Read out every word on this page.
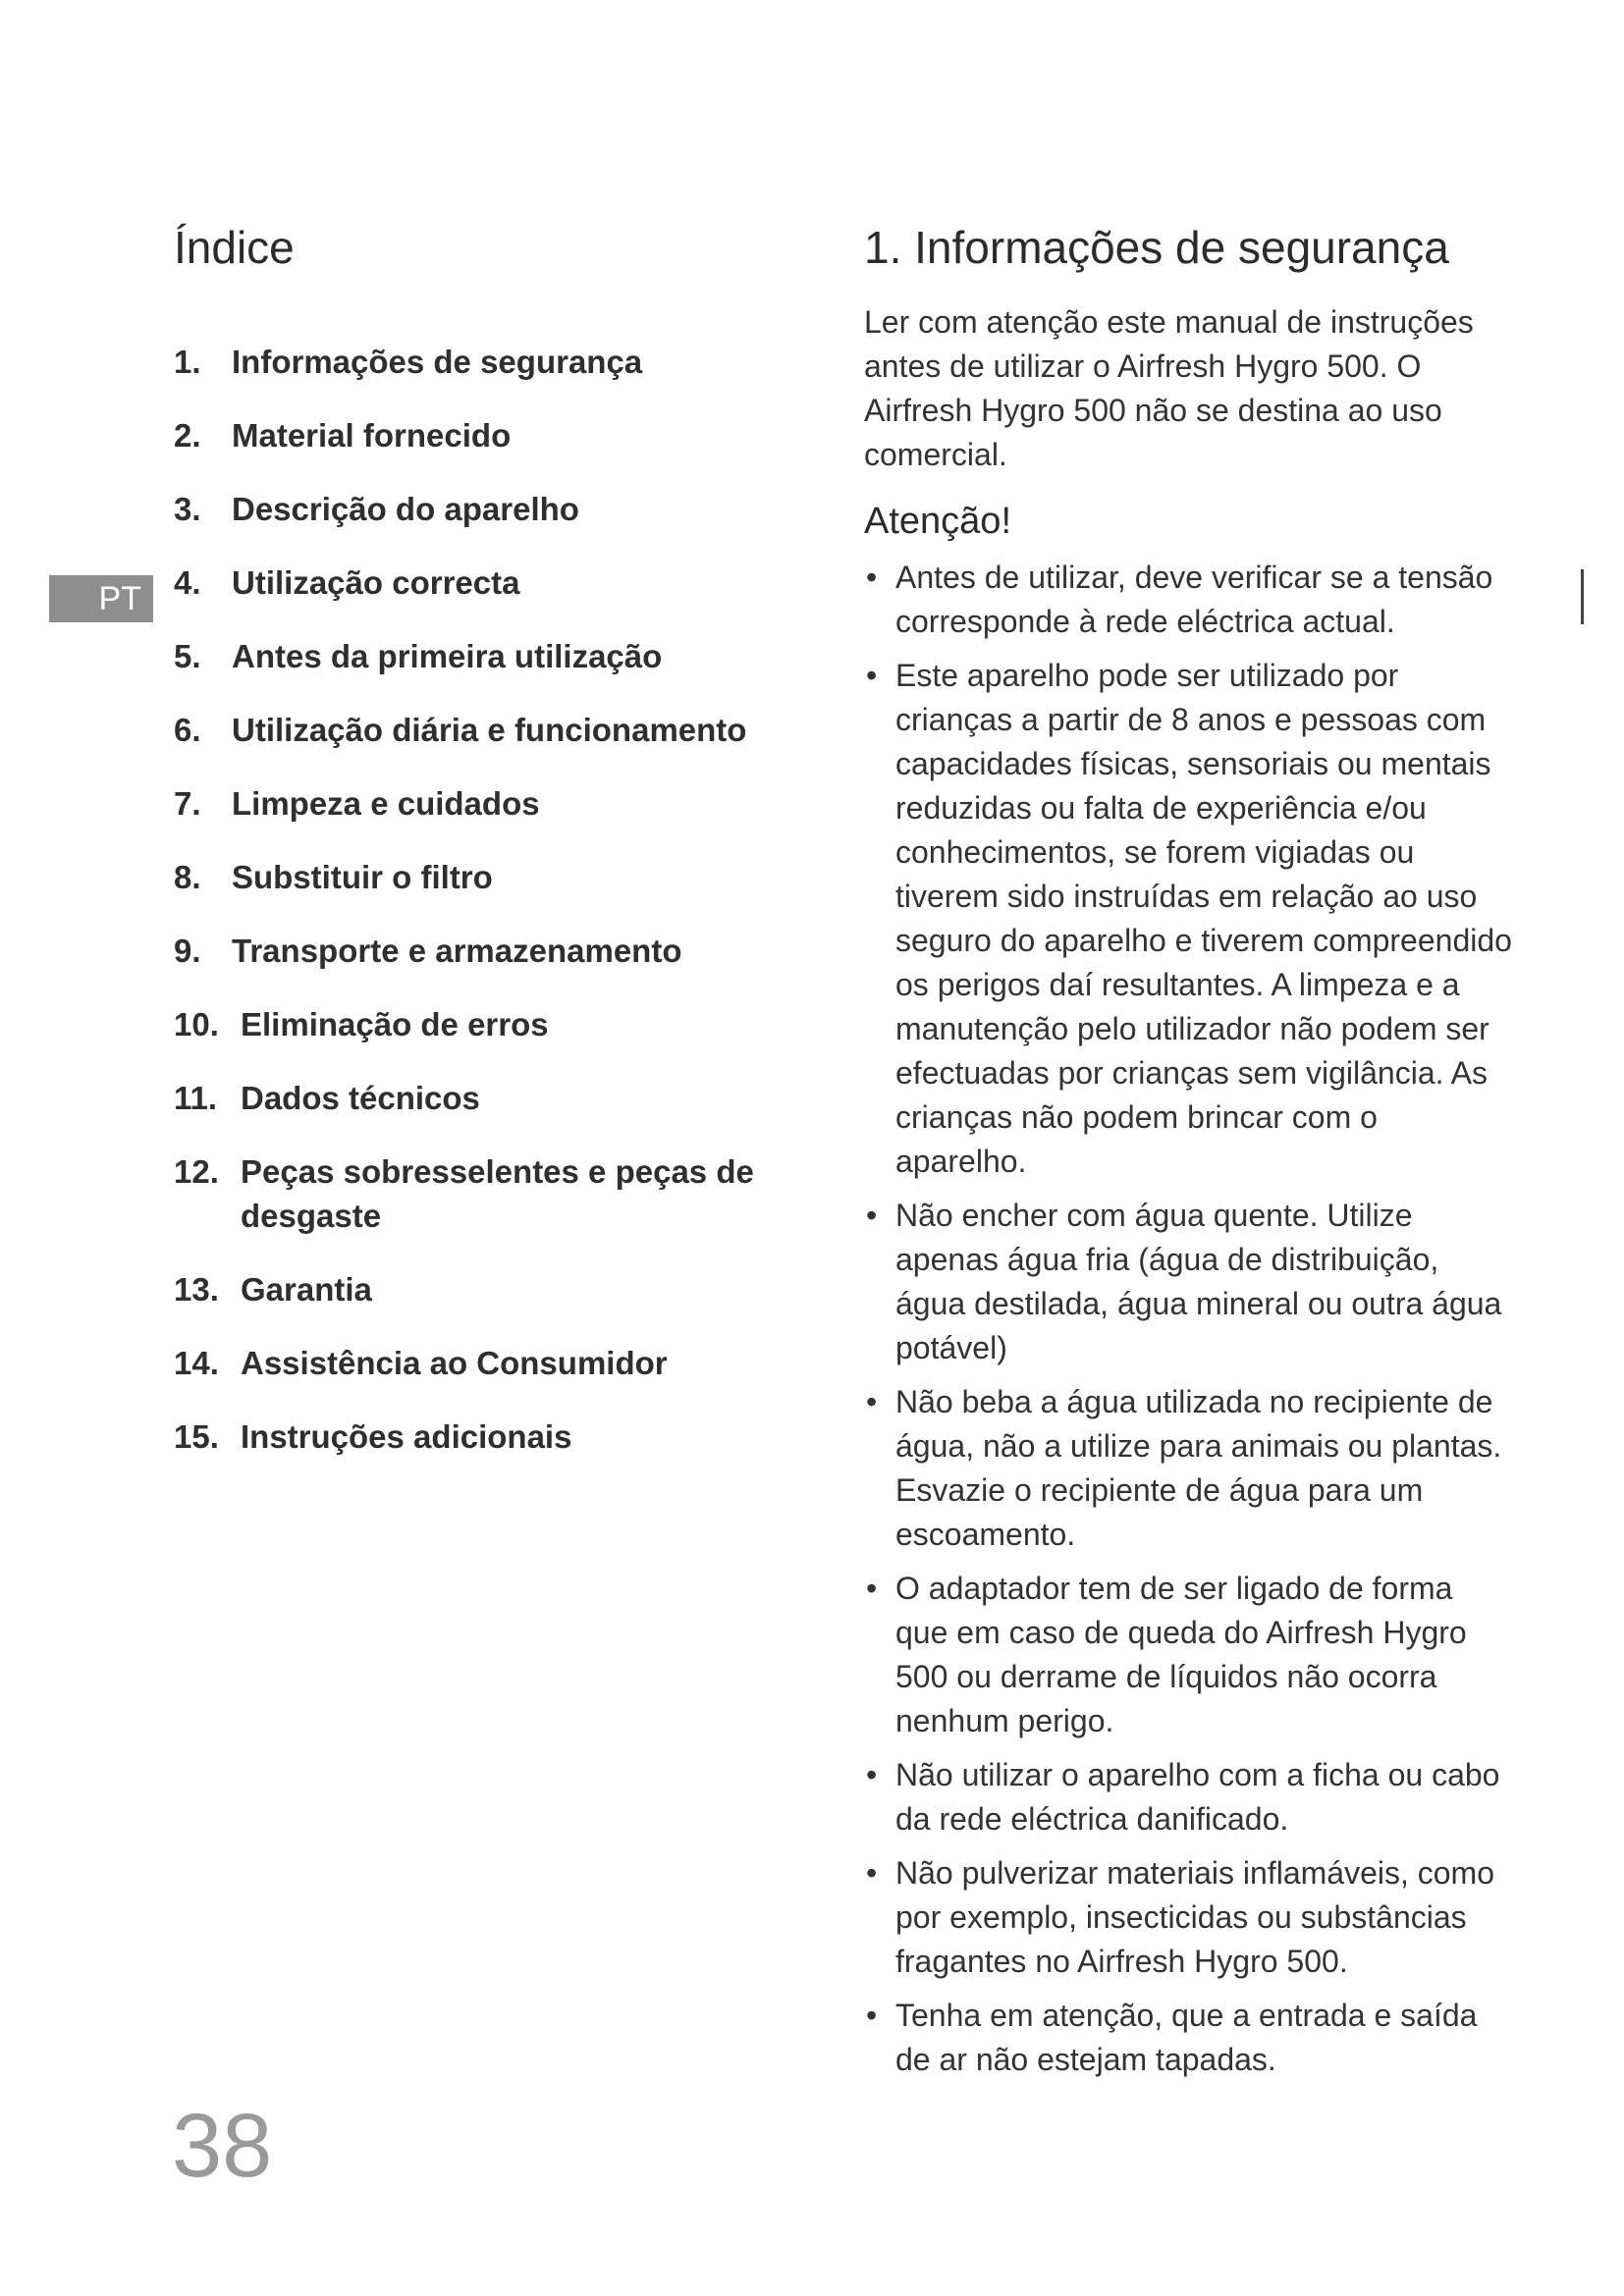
Índice
1. Informações de segurança
2. Material fornecido
3. Descrição do aparelho
4. Utilização correcta
5. Antes da primeira utilização
6. Utilização diária e funcionamento
7. Limpeza e cuidados
8. Substituir o filtro
9. Transporte e armazenamento
10. Eliminação de erros
11. Dados técnicos
12. Peças sobresselentes e peças de desgaste
13. Garantia
14. Assistência ao Consumidor
15. Instruções adicionais
PT
1. Informações de segurança

Ler com atenção este manual de instruções antes de utilizar o Airfresh Hygro 500. O Airfresh Hygro 500 não se destina ao uso comercial.

Atenção!
• Antes de utilizar, deve verificar se a tensão corresponde à rede eléctrica actual.
• Este aparelho pode ser utilizado por crianças a partir de 8 anos e pessoas com capacidades físicas, sensoriais ou mentais reduzidas ou falta de experiência e/ou conhecimentos, se forem vigiadas ou tiverem sido instruídas em relação ao uso seguro do aparelho e tiverem compreendido os perigos daí resultantes. A limpeza e a manutenção pelo utilizador não podem ser efectuadas por crianças sem vigilância. As crianças não podem brincar com o aparelho.
• Não encher com água quente. Utilize apenas água fria (água de distribuição, água destilada, água mineral ou outra água potável)
• Não beba a água utilizada no recipiente de água, não a utilize para animais ou plantas. Esvazie o recipiente de água para um escoamento.
• O adaptador tem de ser ligado de forma que em caso de queda do Airfresh Hygro 500 ou derrame de líquidos não ocorra nenhum perigo.
• Não utilizar o aparelho com a ficha ou cabo da rede eléctrica danificado.
• Não pulverizar materiais inflamáveis, como por exemplo, insecticidas ou substâncias fragantes no Airfresh Hygro 500.
• Tenha em atenção, que a entrada e saída de ar não estejam tapadas.
38
